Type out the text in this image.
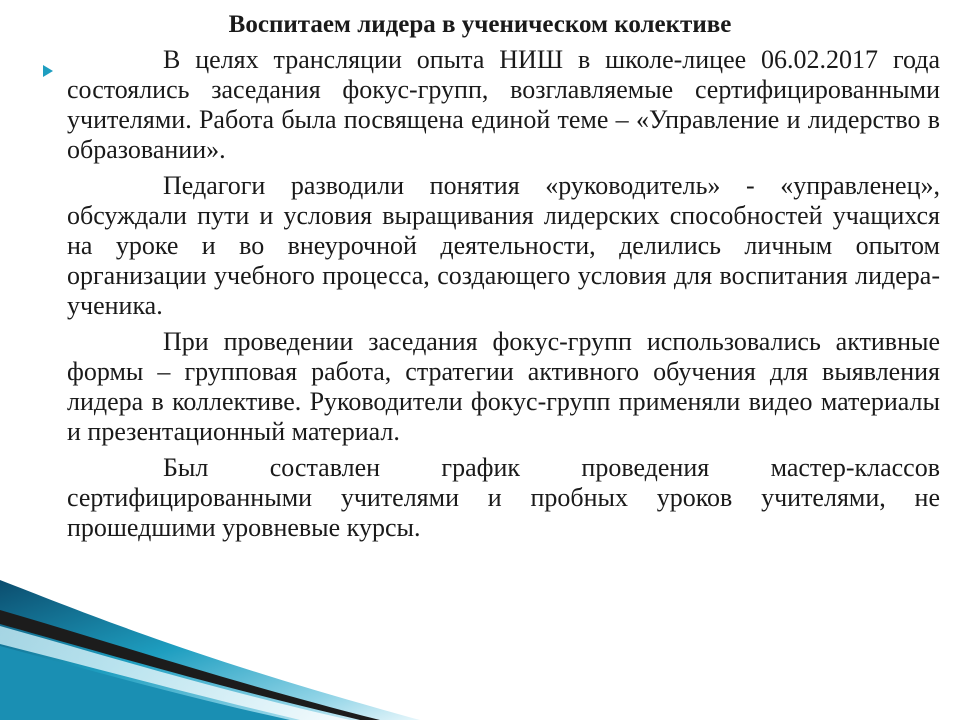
Воспитаем лидера в ученическом колективе

В целях трансляции опыта НИШ в школе-лицее 06.02.2017 года состоялись заседания фокус-групп, возглавляемые сертифицированными учителями. Работа была посвящена единой теме – «Управление и лидерство в образовании».

Педагоги разводили понятия «руководитель» - «управленец», обсуждали пути и условия выращивания лидерских способностей учащихся на уроке и во внеурочной деятельности, делились личным опытом организации учебного процесса, создающего условия для воспитания лидера-ученика.

При проведении заседания фокус-групп использовались активные формы – групповая работа, стратегии активного обучения для выявления лидера в коллективе. Руководители фокус-групп применяли видео материалы и презентационный материал.

Был составлен график проведения мастер-классов сертифицированными учителями и пробных уроков учителями, не прошедшими уровневые курсы.
